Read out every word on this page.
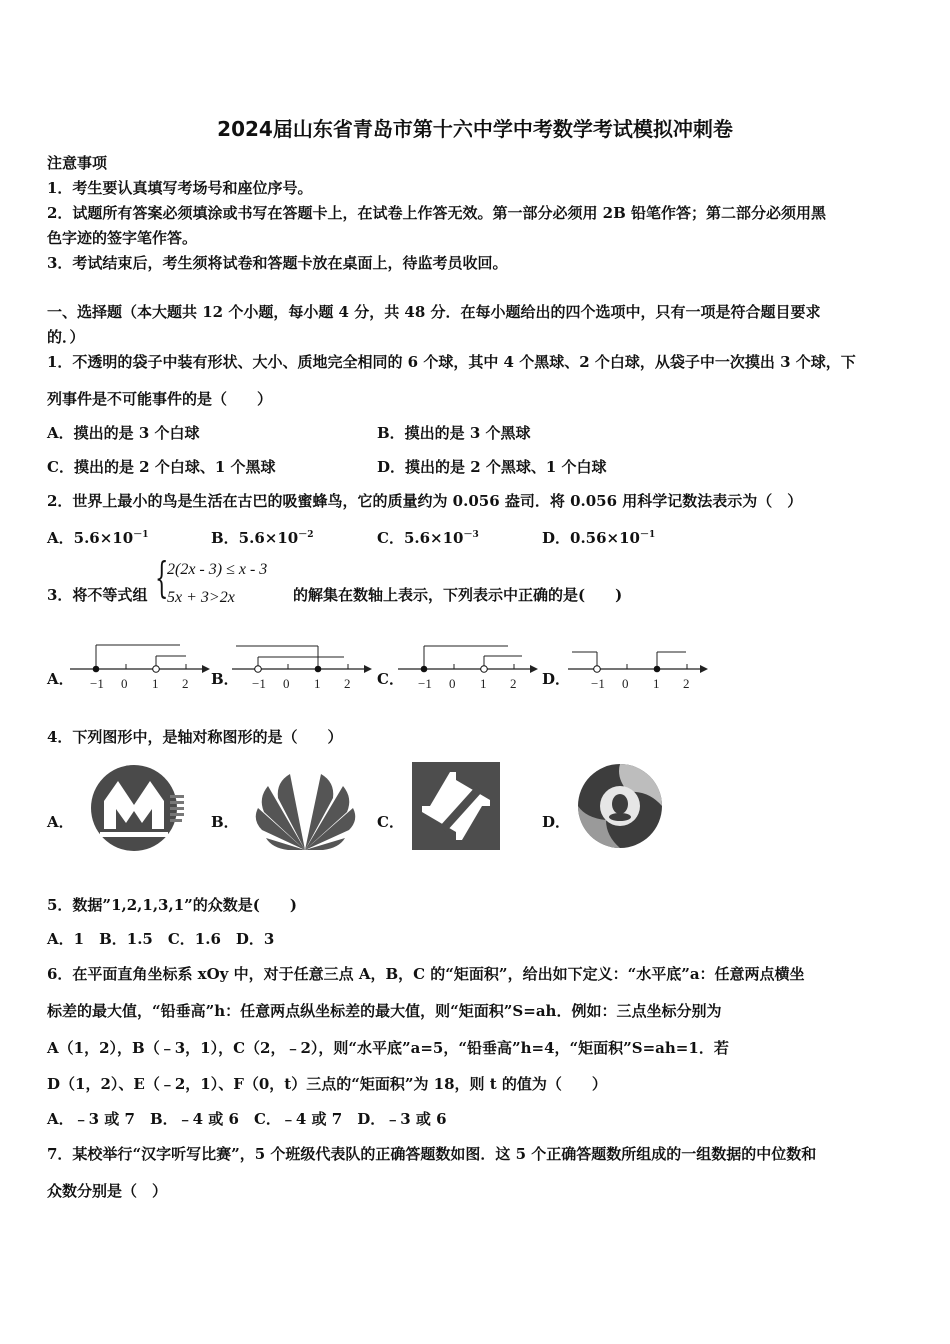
2024届山东省青岛市第十六中学中考数学考试模拟冲刺卷
注意事项
1．考生要认真填写考场号和座位序号。
2．试题所有答案必须填涂或书写在答题卡上，在试卷上作答无效。第一部分必须用 2B 铅笔作答；第二部分必须用黑
色字迹的签字笔作答。
3．考试结束后，考生须将试卷和答题卡放在桌面上，待监考员收回。
一、选择题（本大题共 12 个小题，每小题 4 分，共 48 分．在每小题给出的四个选项中，只有一项是符合题目要求
的．）
1．不透明的袋子中装有形状、大小、质地完全相同的 6 个球，其中 4 个黑球、2 个白球，从袋子中一次摸出 3 个球，下
列事件是不可能事件的是（　　）
A．摸出的是 3 个白球	B．摸出的是 3 个黑球
C．摸出的是 2 个白球、1 个黑球	D．摸出的是 2 个黑球、1 个白球
2．世界上最小的鸟是生活在古巴的吸蜜蜂鸟，它的质量约为 0.056 盎司．将 0.056 用科学记数法表示为（　）
A．$5.6\times 10^{-1}$	B．$5.6\times 10^{-2}$	C．$5.6\times 10^{-3}$	D．$0.56\times 10^{-1}$
3．将不等式组 {
2(2x - 3) ≤ x - 3
5x + 3>2x	的解集在数轴上表示，下列表示中正确的是(　　)
A．	B．	C．	D．
−1 0 1 2	−1 0 1 2	−1 0 1 2	−1 0 1 2
4．下列图形中，是轴对称图形的是（　　）
A．	B．	C．	D．
5．数据”1,2,1,3,1”的众数是(　　)
A．1　B．1.5　C．1.6　D．3
6．在平面直角坐标系 xOy 中，对于任意三点 A，B，C 的“矩面积”，给出如下定义：“水平底”a：任意两点横坐
标差的最大值，“铅垂高”h：任意两点纵坐标差的最大值，则“矩面积”S=ah．例如：三点坐标分别为
A（1，2），B（﹣3，1），C（2，﹣2），则“水平底”a=5，“铅垂高”h=4，“矩面积”S=ah=1．若
D（1，2）、E（﹣2，1）、F（0，t）三点的“矩面积”为 18，则 t 的值为（　　）
A．﹣3 或 7　B．﹣4 或 6　C．﹣4 或 7　D．﹣3 或 6
7．某校举行“汉字听写比赛”，5 个班级代表队的正确答题数如图．这 5 个正确答题数所组成的一组数据的中位数和
众数分别是（　）
